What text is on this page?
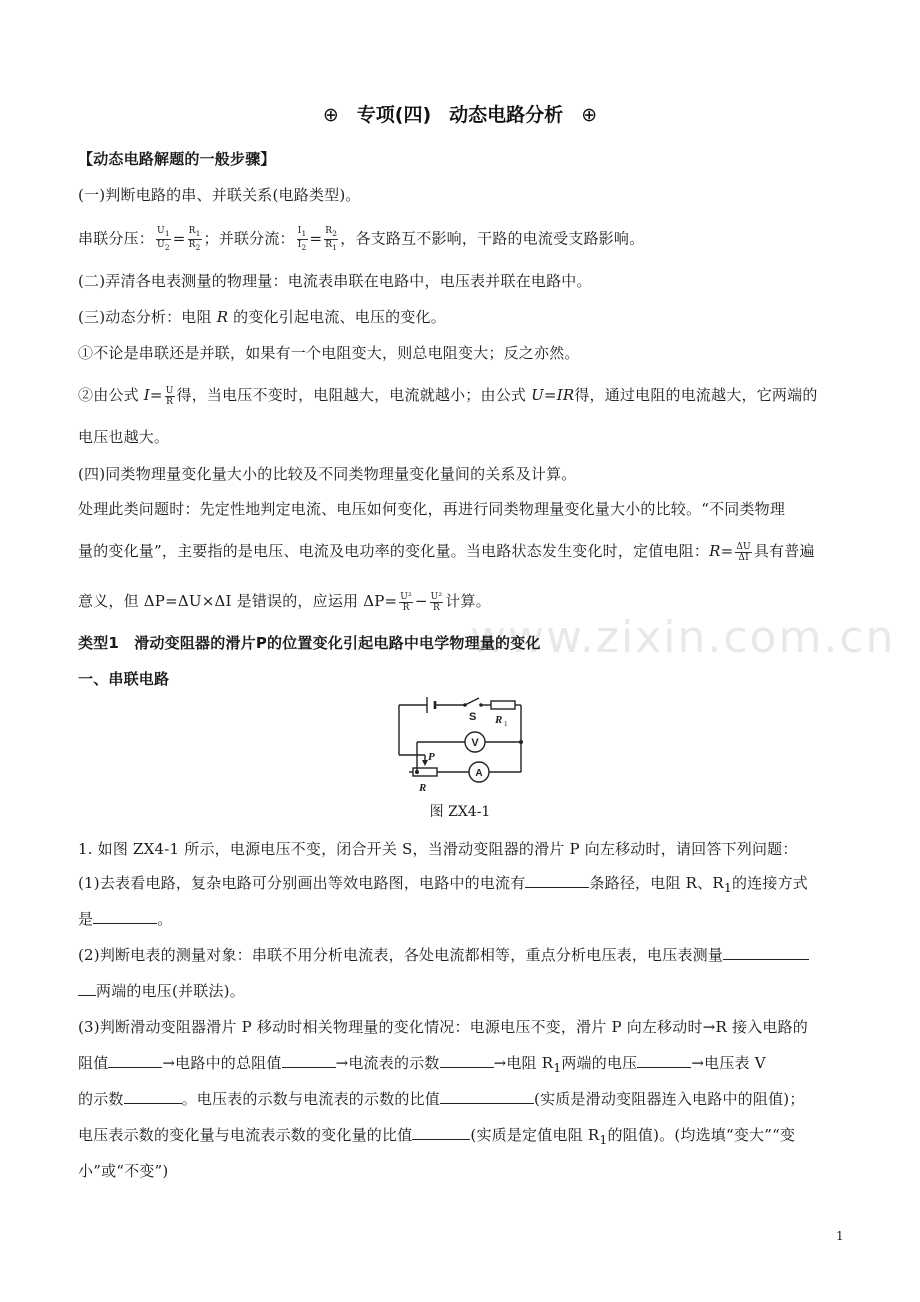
www.zixin.com.cn
⊕ 专项(四) 动态电路分析 ⊕
【动态电路解题的一般步骤】
(一)判断电路的串、并联关系(电路类型)。
串联分压： $\frac{U_1}{U_2} = \frac{R_1}{R_2}$ ；并联分流： $\frac{I_1}{I_2} = \frac{R_2}{R_1}$ ，各支路互不影响，干路的电流受支路影响。
(二)弄清各电表测量的物理量：电流表串联在电路中，电压表并联在电路中。
(三)动态分析：电阻 R 的变化引起电流、电压的变化。
①不论是串联还是并联，如果有一个电阻变大，则总电阻变大；反之亦然。
②由公式 $I= \frac{U}{R}$ 得，当电压不变时，电阻越大，电流就越小；由公式 U=IR得，通过电阻的电流越大，它两端的
电压也越大。
(四)同类物理量变化量大小的比较及不同类物理量变化量间的关系及计算。
处理此类问题时：先定性地判定电流、电压如何变化，再进行同类物理量变化量大小的比较。“不同类物理
量的变化量”，主要指的是电压、电流及电功率的变化量。当电路状态发生变化时，定值电阻：$R= \frac{\Delta U}{\Delta I}$ 具有普遍
意义，但 ΔP=ΔU×ΔI 是错误的，应运用 $\Delta P= \frac{\text{U²}}{R} - \frac{\text{U²}}{R}$ 计算。
类型1　滑动变阻器的滑片P的位置变化引起电路中电学物理量的变化
一、串联电路
S R 1
V
A
P
R
图 ZX4-1
1. 如图 ZX4-1 所示，电源电压不变，闭合开关 S，当滑动变阻器的滑片 P 向左移动时，请回答下列问题：
(1)去表看电路，复杂电路可分别画出等效电路图，电路中的电流有	条路径，电阻 R、$R_1$的连接方式
是	。
(2)判断电表的测量对象：串联不用分析电流表，各处电流都相等，重点分析电压表，电压表测量
两端的电压(并联法)。
(3)判断滑动变阻器滑片 P 移动时相关物理量的变化情况：电源电压不变，滑片 P 向左移动时→R 接入电路的
阻值	→电路中的总阻值	→电流表的示数	→电阻 $R_1$两端的电压	→电压表 V
的示数	。电压表的示数与电流表的示数的比值	(实质是滑动变阻器连入电路中的阻值)；
电压表示数的变化量与电流表示数的变化量的比值	(实质是定值电阻 $R_1$的阻值)。(均选填“变大”“变
小”或“不变”)
1
